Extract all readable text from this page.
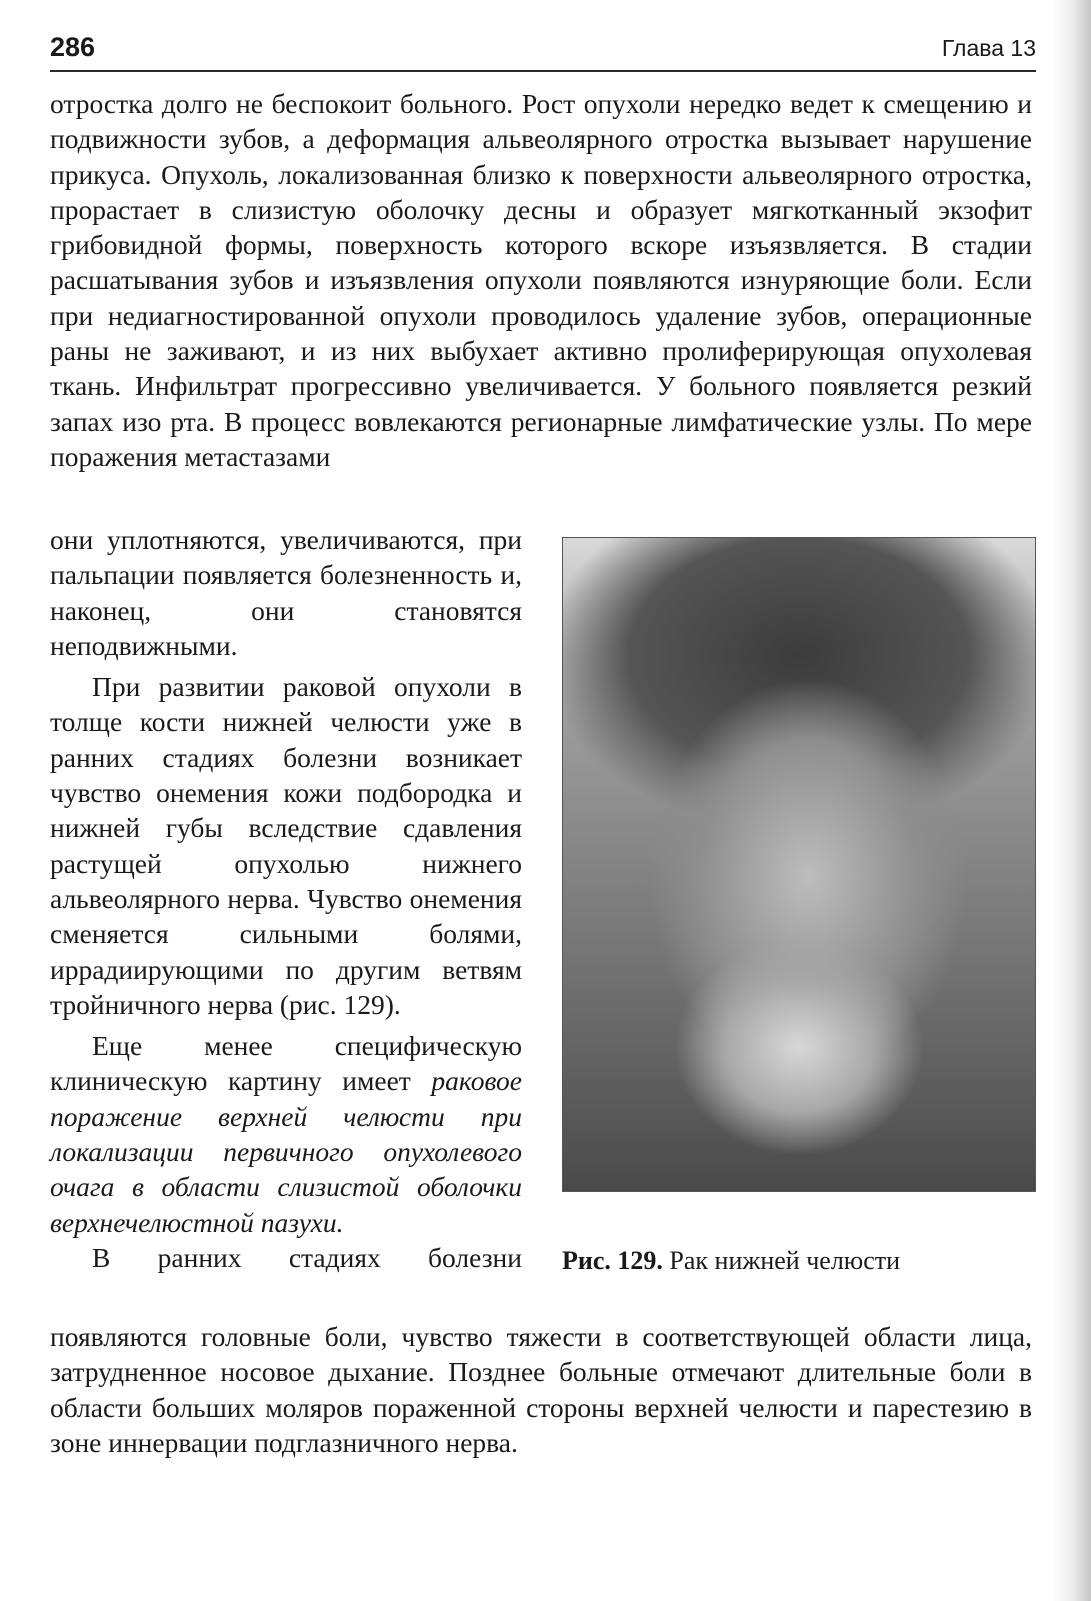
286	Глава 13

отростка долго не беспокоит больного. Рост опухоли нередко ведет к смещению и подвижности зубов, а деформация альвеолярного отростка вызывает нарушение прикуса. Опухоль, локализованная близко к поверхности альвеолярного отростка, прорастает в слизистую оболочку десны и образует мягкотканный экзофит грибовидной формы, поверхность которого вскоре изъязвляется. В стадии расшатывания зубов и изъязвления опухоли появляются изнуряющие боли. Если при недиагностированной опухоли проводилось удаление зубов, операционные раны не заживают, и из них выбухает активно пролиферирующая опухолевая ткань. Инфильтрат прогрессивно увеличивается. У больного появляется резкий запах изо рта. В процесс вовлекаются регионарные лимфатические узлы. По мере поражения метастазами

они уплотняются, увеличиваются, при пальпации появляется болезненность и, наконец, они становятся неподвижными.

При развитии раковой опухоли в толще кости нижней челюсти уже в ранних стадиях болезни возникает чувство онемения кожи подбородка и нижней губы вследствие сдавления растущей опухолью нижнего альвеолярного нерва. Чувство онемения сменяется сильными болями, иррадиирующими по другим ветвям тройничного нерва (рис. 129).

Еще менее специфическую клиническую картину имеет раковое поражение верхней челюсти при локализации первичного опухолевого очага в области слизистой оболочки верхнечелюстной пазухи.

В ранних стадиях болезни Рис. 129. Рак нижней челюсти

появляются головные боли, чувство тяжести в соответствующей области лица, затрудненное носовое дыхание. Позднее больные отмечают длительные боли в области больших моляров пораженной стороны верхней челюсти и парестезию в зоне иннервации подглазничного нерва.
